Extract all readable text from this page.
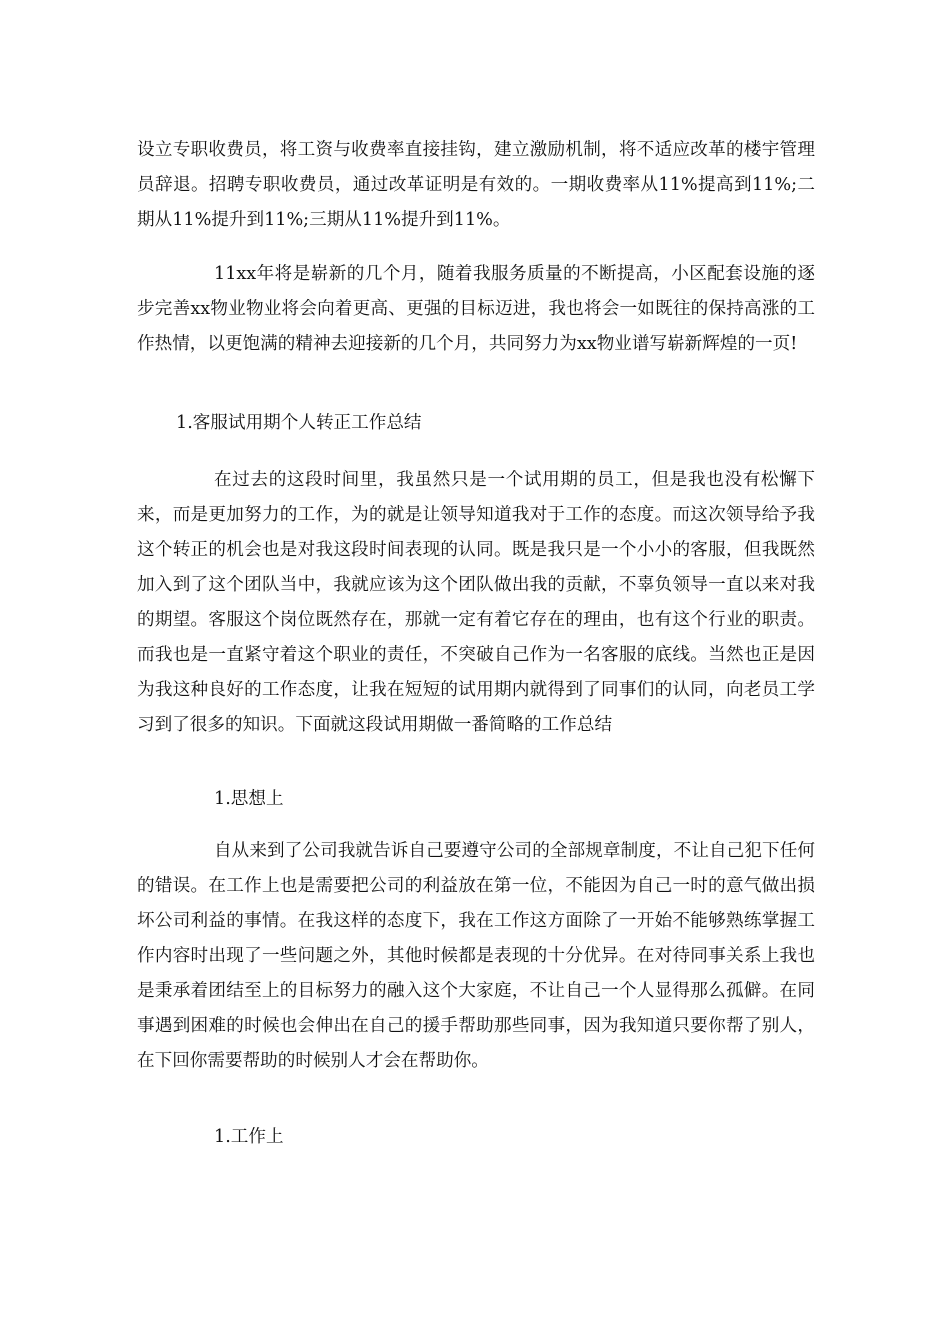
设立专职收费员，将工资与收费率直接挂钩，建立激励机制，将不适应改革的楼宇管理员辞退。招聘专职收费员，通过改革证明是有效的。一期收费率从11%提高到11%;二期从11%提升到11%;三期从11%提升到11%。

11xx年将是崭新的几个月，随着我服务质量的不断提高，小区配套设施的逐步完善xx物业物业将会向着更高、更强的目标迈进，我也将会一如既往的保持高涨的工作热情，以更饱满的精神去迎接新的几个月，共同努力为xx物业谱写崭新辉煌的一页!

1.客服试用期个人转正工作总结

在过去的这段时间里，我虽然只是一个试用期的员工，但是我也没有松懈下来，而是更加努力的工作，为的就是让领导知道我对于工作的态度。而这次领导给予我这个转正的机会也是对我这段时间表现的认同。既是我只是一个小小的客服，但我既然加入到了这个团队当中，我就应该为这个团队做出我的贡献，不辜负领导一直以来对我的期望。客服这个岗位既然存在，那就一定有着它存在的理由，也有这个行业的职责。而我也是一直紧守着这个职业的责任，不突破自己作为一名客服的底线。当然也正是因为我这种良好的工作态度，让我在短短的试用期内就得到了同事们的认同，向老员工学习到了很多的知识。下面就这段试用期做一番简略的工作总结

1.思想上

自从来到了公司我就告诉自己要遵守公司的全部规章制度，不让自己犯下任何的错误。在工作上也是需要把公司的利益放在第一位，不能因为自己一时的意气做出损坏公司利益的事情。在我这样的态度下，我在工作这方面除了一开始不能够熟练掌握工作内容时出现了一些问题之外，其他时候都是表现的十分优异。在对待同事关系上我也是秉承着团结至上的目标努力的融入这个大家庭，不让自己一个人显得那么孤僻。在同事遇到困难的时候也会伸出在自己的援手帮助那些同事，因为我知道只要你帮了别人，在下回你需要帮助的时候别人才会在帮助你。

1.工作上
